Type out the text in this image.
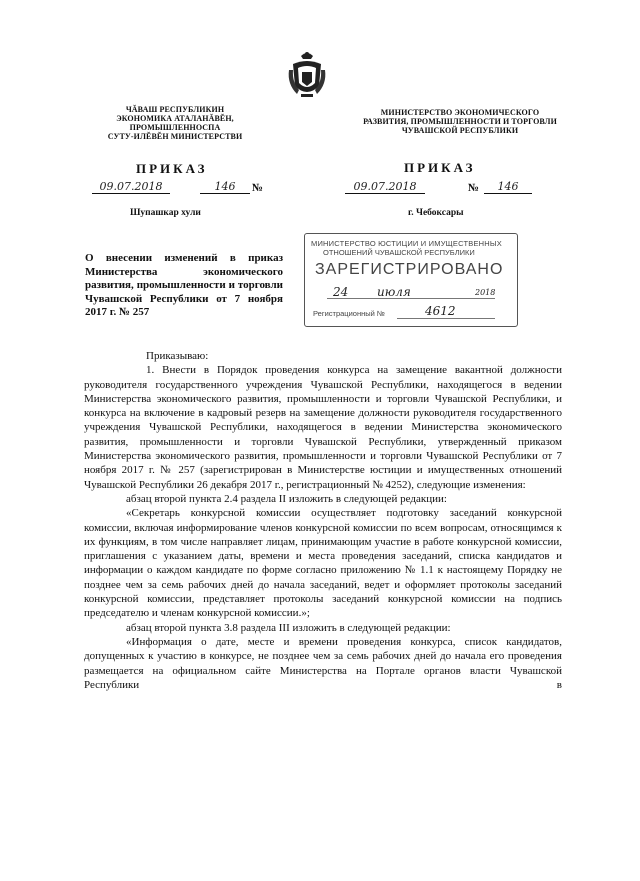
ЧĂВАШ РЕСПУБЛИКИН
ЭКОНОМИКА АТАЛАНĂВĔН, ПРОМЫШЛЕННОСПА
СУТУ-ИЛĔВĔН МИНИСТЕРСТВИ
МИНИСТЕРСТВО ЭКОНОМИЧЕСКОГО
РАЗВИТИЯ, ПРОМЫШЛЕННОСТИ И ТОРГОВЛИ
ЧУВАШСКОЙ РЕСПУБЛИКИ
ПРИКАЗ
09.07.2018	146	№
Шупашкар хули
ПРИКАЗ
09.07.2018	№	146
г. Чебоксары
О внесении изменений в приказ Министерства экономического развития, промышленности и торговли Чувашской Республики от 7 ноября 2017 г. № 257
МИНИСТЕРСТВО ЮСТИЦИИ И ИМУЩЕСТВЕННЫХ
ОТНОШЕНИЙ ЧУВАШСКОЙ РЕСПУБЛИКИ
ЗАРЕГИСТРИРОВАНО
24 июля	2018
Регистрационный №	4612

Приказываю:

1. Внести в Порядок проведения конкурса на замещение вакантной должности руководителя государственного учреждения Чувашской Республики, находящегося в ведении Министерства экономического развития, промышленности и торговли Чувашской Республики, и конкурса на включение в кадровый резерв на замещение должности руководителя государственного учреждения Чувашской Республики, находящегося в ведении Министерства экономического развития, промышленности и торговли Чувашской Республики, утвержденный приказом Министерства экономического развития, промышленности и торговли Чувашской Республики от 7 ноября 2017 г. № 257 (зарегистрирован в Министерстве юстиции и имущественных отношений Чувашской Республики 26 декабря 2017 г., регистрационный № 4252), следующие изменения:

абзац второй пункта 2.4 раздела II изложить в следующей редакции:

«Секретарь конкурсной комиссии осуществляет подготовку заседаний конкурсной комиссии, включая информирование членов конкурсной комиссии по всем вопросам, относящимся к их функциям, в том числе направляет лицам, принимающим участие в работе конкурсной комиссии, приглашения с указанием даты, времени и места проведения заседаний, списка кандидатов и информации о каждом кандидате по форме согласно приложению № 1.1 к настоящему Порядку не позднее чем за семь рабочих дней до начала заседаний, ведет и оформляет протоколы заседаний конкурсной комиссии, представляет протоколы заседаний конкурсной комиссии на подпись председателю и членам конкурсной комиссии.»;

абзац второй пункта 3.8 раздела III изложить в следующей редакции:

«Информация о дате, месте и времени проведения конкурса, список кандидатов, допущенных к участию в конкурсе, не позднее чем за семь рабочих дней до начала его проведения размещается на официальном сайте Министерства на Портале органов власти Чувашской Республики в
